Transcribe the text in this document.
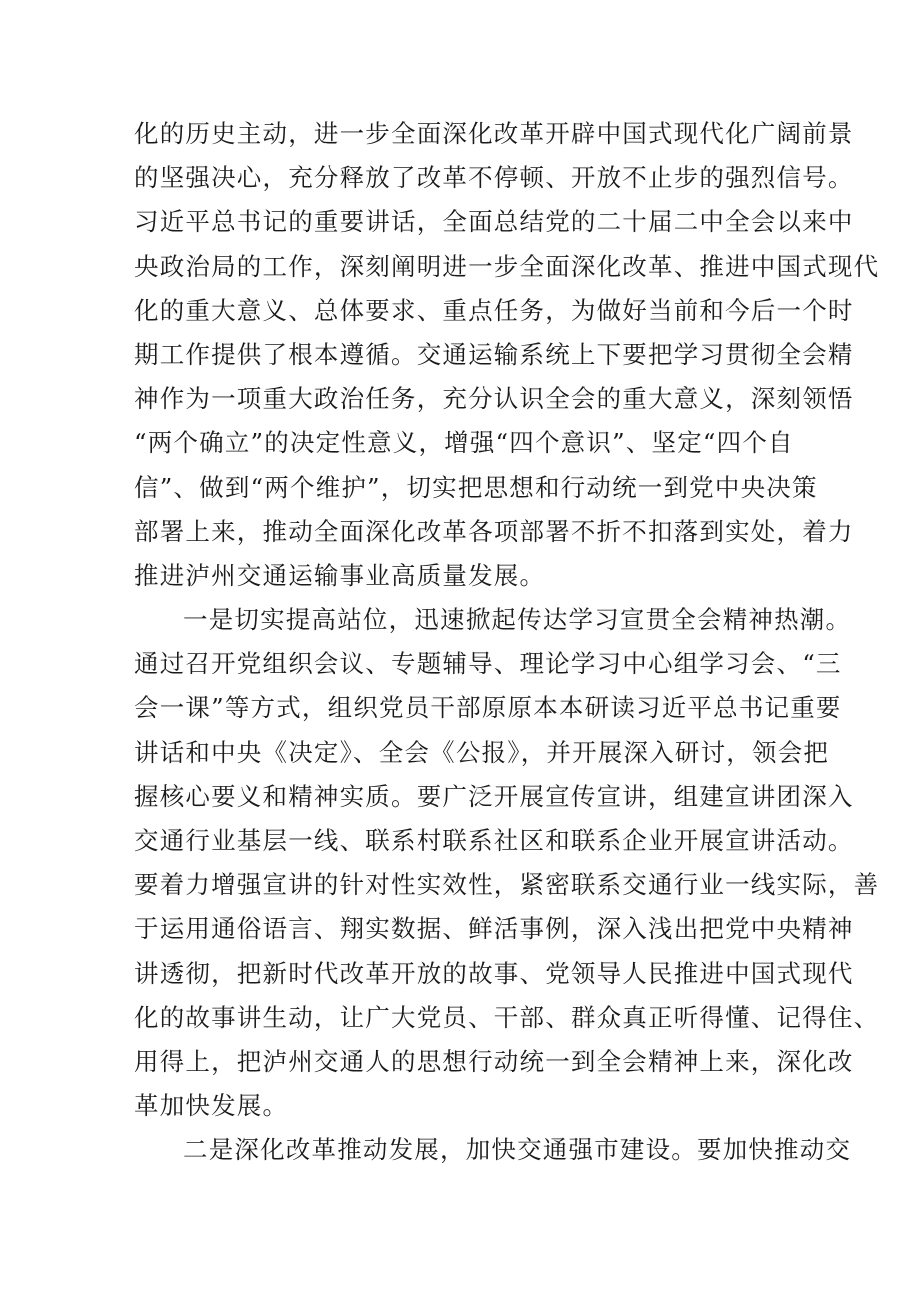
化的历史主动，进一步全面深化改革开辟中国式现代化广阔前景
的坚强决心，充分释放了改革不停顿、开放不止步的强烈信号。
习近平总书记的重要讲话，全面总结党的二十届二中全会以来中
央政治局的工作，深刻阐明进一步全面深化改革、推进中国式现代
化的重大意义、总体要求、重点任务，为做好当前和今后一个时
期工作提供了根本遵循。交通运输系统上下要把学习贯彻全会精
神作为一项重大政治任务，充分认识全会的重大意义，深刻领悟
“两个确立”的决定性意义，增强“四个意识”、坚定“四个自
信”、做到“两个维护”，切实把思想和行动统一到党中央决策
部署上来，推动全面深化改革各项部署不折不扣落到实处，着力
推进泸州交通运输事业高质量发展。
一是切实提高站位，迅速掀起传达学习宣贯全会精神热潮。
通过召开党组织会议、专题辅导、理论学习中心组学习会、“三
会一课”等方式，组织党员干部原原本本研读习近平总书记重要
讲话和中央《决定》、全会《公报》，并开展深入研讨，领会把
握核心要义和精神实质。要广泛开展宣传宣讲，组建宣讲团深入
交通行业基层一线、联系村联系社区和联系企业开展宣讲活动。
要着力增强宣讲的针对性实效性，紧密联系交通行业一线实际，善
于运用通俗语言、翔实数据、鲜活事例，深入浅出把党中央精神
讲透彻，把新时代改革开放的故事、党领导人民推进中国式现代
化的故事讲生动，让广大党员、干部、群众真正听得懂、记得住、
用得上，把泸州交通人的思想行动统一到全会精神上来，深化改
革加快发展。
二是深化改革推动发展，加快交通强市建设。要加快推动交
